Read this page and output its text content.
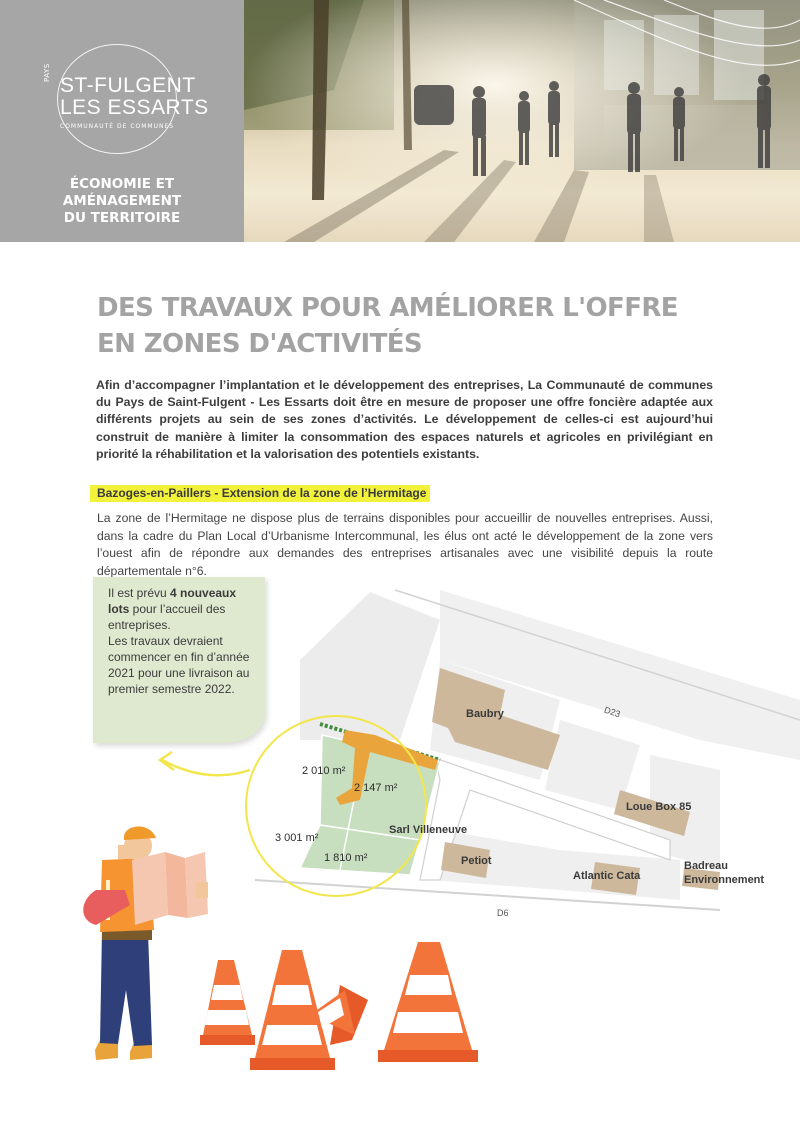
PAYS
ST-FULGENT
LES ESSARTS
COMMUNAUTÉ DE COMMUNES
ÉCONOMIE ET
AMÉNAGEMENT
DU TERRITOIRE
DES TRAVAUX POUR AMÉLIORER L'OFFRE
EN ZONES D'ACTIVITÉS

Afin d’accompagner l’implantation et le développement des entreprises, La Communauté de communes du Pays de Saint-Fulgent - Les Essarts doit être en mesure de proposer une offre foncière adaptée aux différents projets au sein de ses zones d’activités. Le développement de celles-ci est aujourd’hui construit de manière à limiter la consommation des espaces naturels et agricoles en privilégiant en priorité la réhabilitation et la valorisation des potentiels existants.

Bazoges-en-Paillers - Extension de la zone de l’Hermitage

La zone de l’Hermitage ne dispose plus de terrains disponibles pour accueillir de nouvelles entreprises. Aussi, dans la cadre du Plan Local d’Urbanisme Intercommunal, les élus ont acté le développement de la zone vers l’ouest afin de répondre aux demandes des entreprises artisanales avec une visibilité depuis la route départementale n°6.

Il est prévu 4 nouveaux lots pour l’accueil des entreprises.
Les travaux devraient commencer en fin d’année 2021 pour une livraison au premier semestre 2022.
2 010 m²
2 147 m²
3 001 m²
1 810 m²
Baubry
Loue Box 85
Sarl Villeneuve
Petiot
Atlantic Cata
Badreau
Environnement
D23
D6
